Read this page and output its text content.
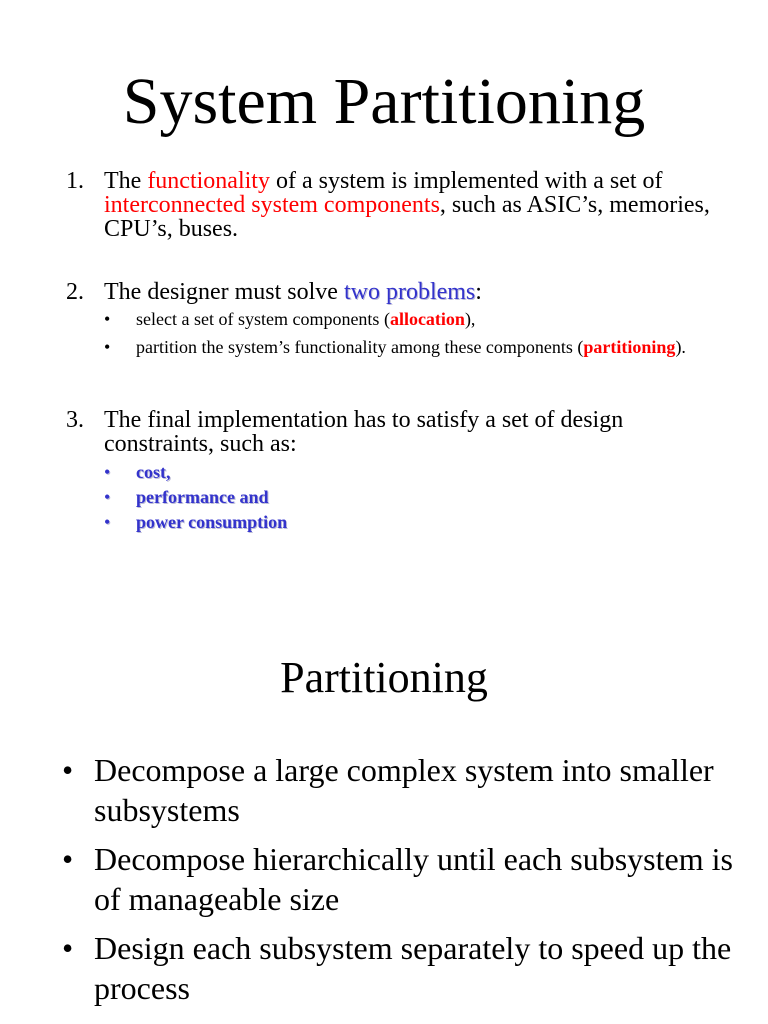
System Partitioning
1. The functionality of a system is implemented with a set of interconnected system components, such as ASIC’s, memories, CPU’s, buses.
2. The designer must solve two problems:
• select a set of system components (allocation),
• partition the system’s functionality among these components (partitioning).
3. The final implementation has to satisfy a set of design constraints, such as:
• cost,
• performance and
• power consumption
Partitioning
• Decompose a large complex system into smaller subsystems
• Decompose hierarchically until each subsystem is of manageable size
• Design each subsystem separately to speed up the process
